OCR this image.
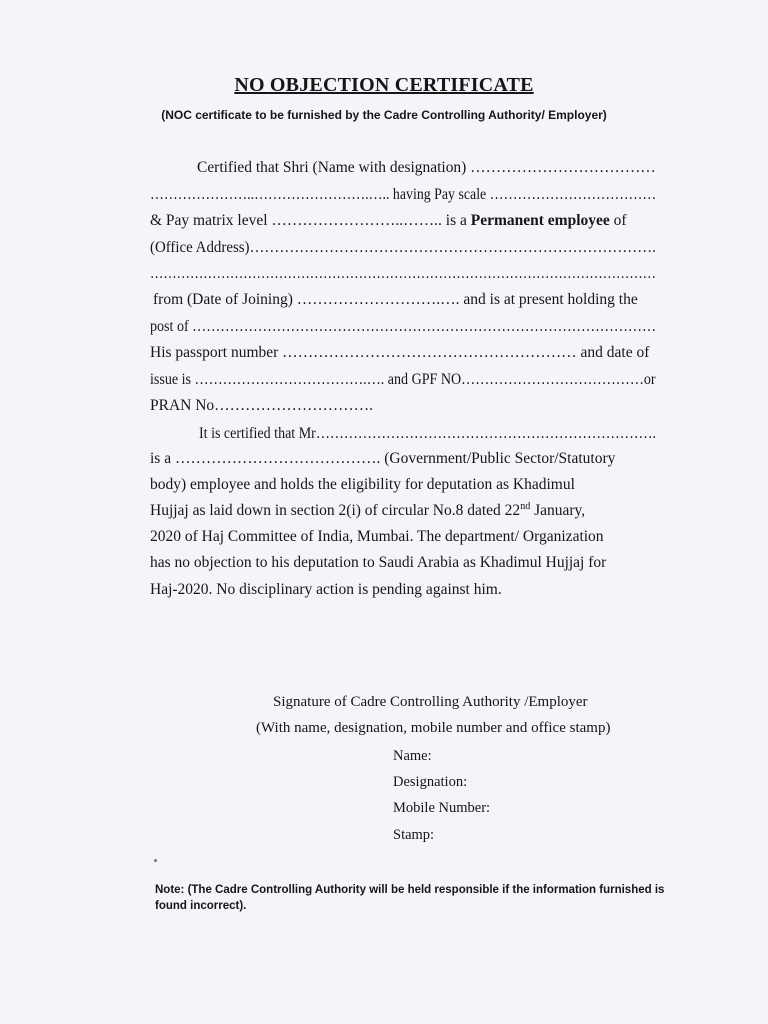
NO OBJECTION CERTIFICATE
(NOC certificate to be furnished by the Cadre Controlling Authority/ Employer)
Certified that Shri (Name with designation) ………………………………
…………………..…………………….….. having Pay scale ………………………………
& Pay matrix level ……………………..…….. is a Permanent employee of
(Office Address)……………………………………………………………………….
……………………………………………………………………………………………………
from (Date of Joining) ……………………….…. and is at present holding the
post of ………………………………………………………………………………………
His passport number ………………………………………………… and date of
issue is ……………………………….…. and GPF NO…………………………………or
PRAN No………………………….
It is certified that Mr……………………………………………………………….
is a …………………………………. (Government/Public Sector/Statutory
body) employee and holds the eligibility for deputation as Khadimul
Hujjaj as laid down in section 2(i) of circular No.8 dated 22nd January,
2020 of Haj Committee of India, Mumbai. The department/ Organization
has no objection to his deputation to Saudi Arabia as Khadimul Hujjaj for
Haj-2020. No disciplinary action is pending against him.
Signature of Cadre Controlling Authority /Employer
(With name, designation, mobile number and office stamp)
Name:
Designation:
Mobile Number:
Stamp:
Note: (The Cadre Controlling Authority will be held responsible if the information furnished is found incorrect).
